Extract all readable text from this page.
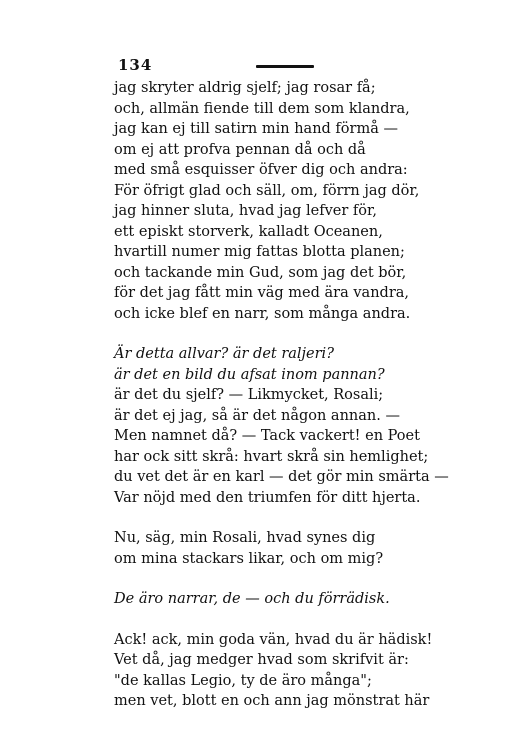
134
jag skryter aldrig sjelf; jag rosar få;
och, allmän fiende till dem som klandra,
jag kan ej till satirn min hand förmå —
om ej att profva pennan då och då
med små esquisser öfver dig och andra:
För öfrigt glad och säll, om, förrn jag dör,
jag hinner sluta, hvad jag lefver för,
ett episkt storverk, kalladt Oceanen,
hvartill numer mig fattas blotta planen;
och tackande min Gud, som jag det bör,
för det jag fått min väg med ära vandra,
och icke blef en narr, som många andra.
Är detta allvar? är det raljeri?
är det en bild du afsat inom pannan?
är det du sjelf? — Likmycket, Rosali;
är det ej jag, så är det någon annan. —
Men namnet då? — Tack vackert! en Poet
har ock sitt skrå: hvart skrå sin hemlighet;
du vet det är en karl — det gör min smärta —
Var nöjd med den triumfen för ditt hjerta.
Nu, säg, min Rosali, hvad synes dig
om mina stackars likar, och om mig?
De äro narrar, de — och du förrädisk.
Ack! ack, min goda vän, hvad du är hädisk!
Vet då, jag medger hvad som skrifvit är:
"de kallas Legio, ty de äro många";
men vet, blott en och ann jag mönstrat här
